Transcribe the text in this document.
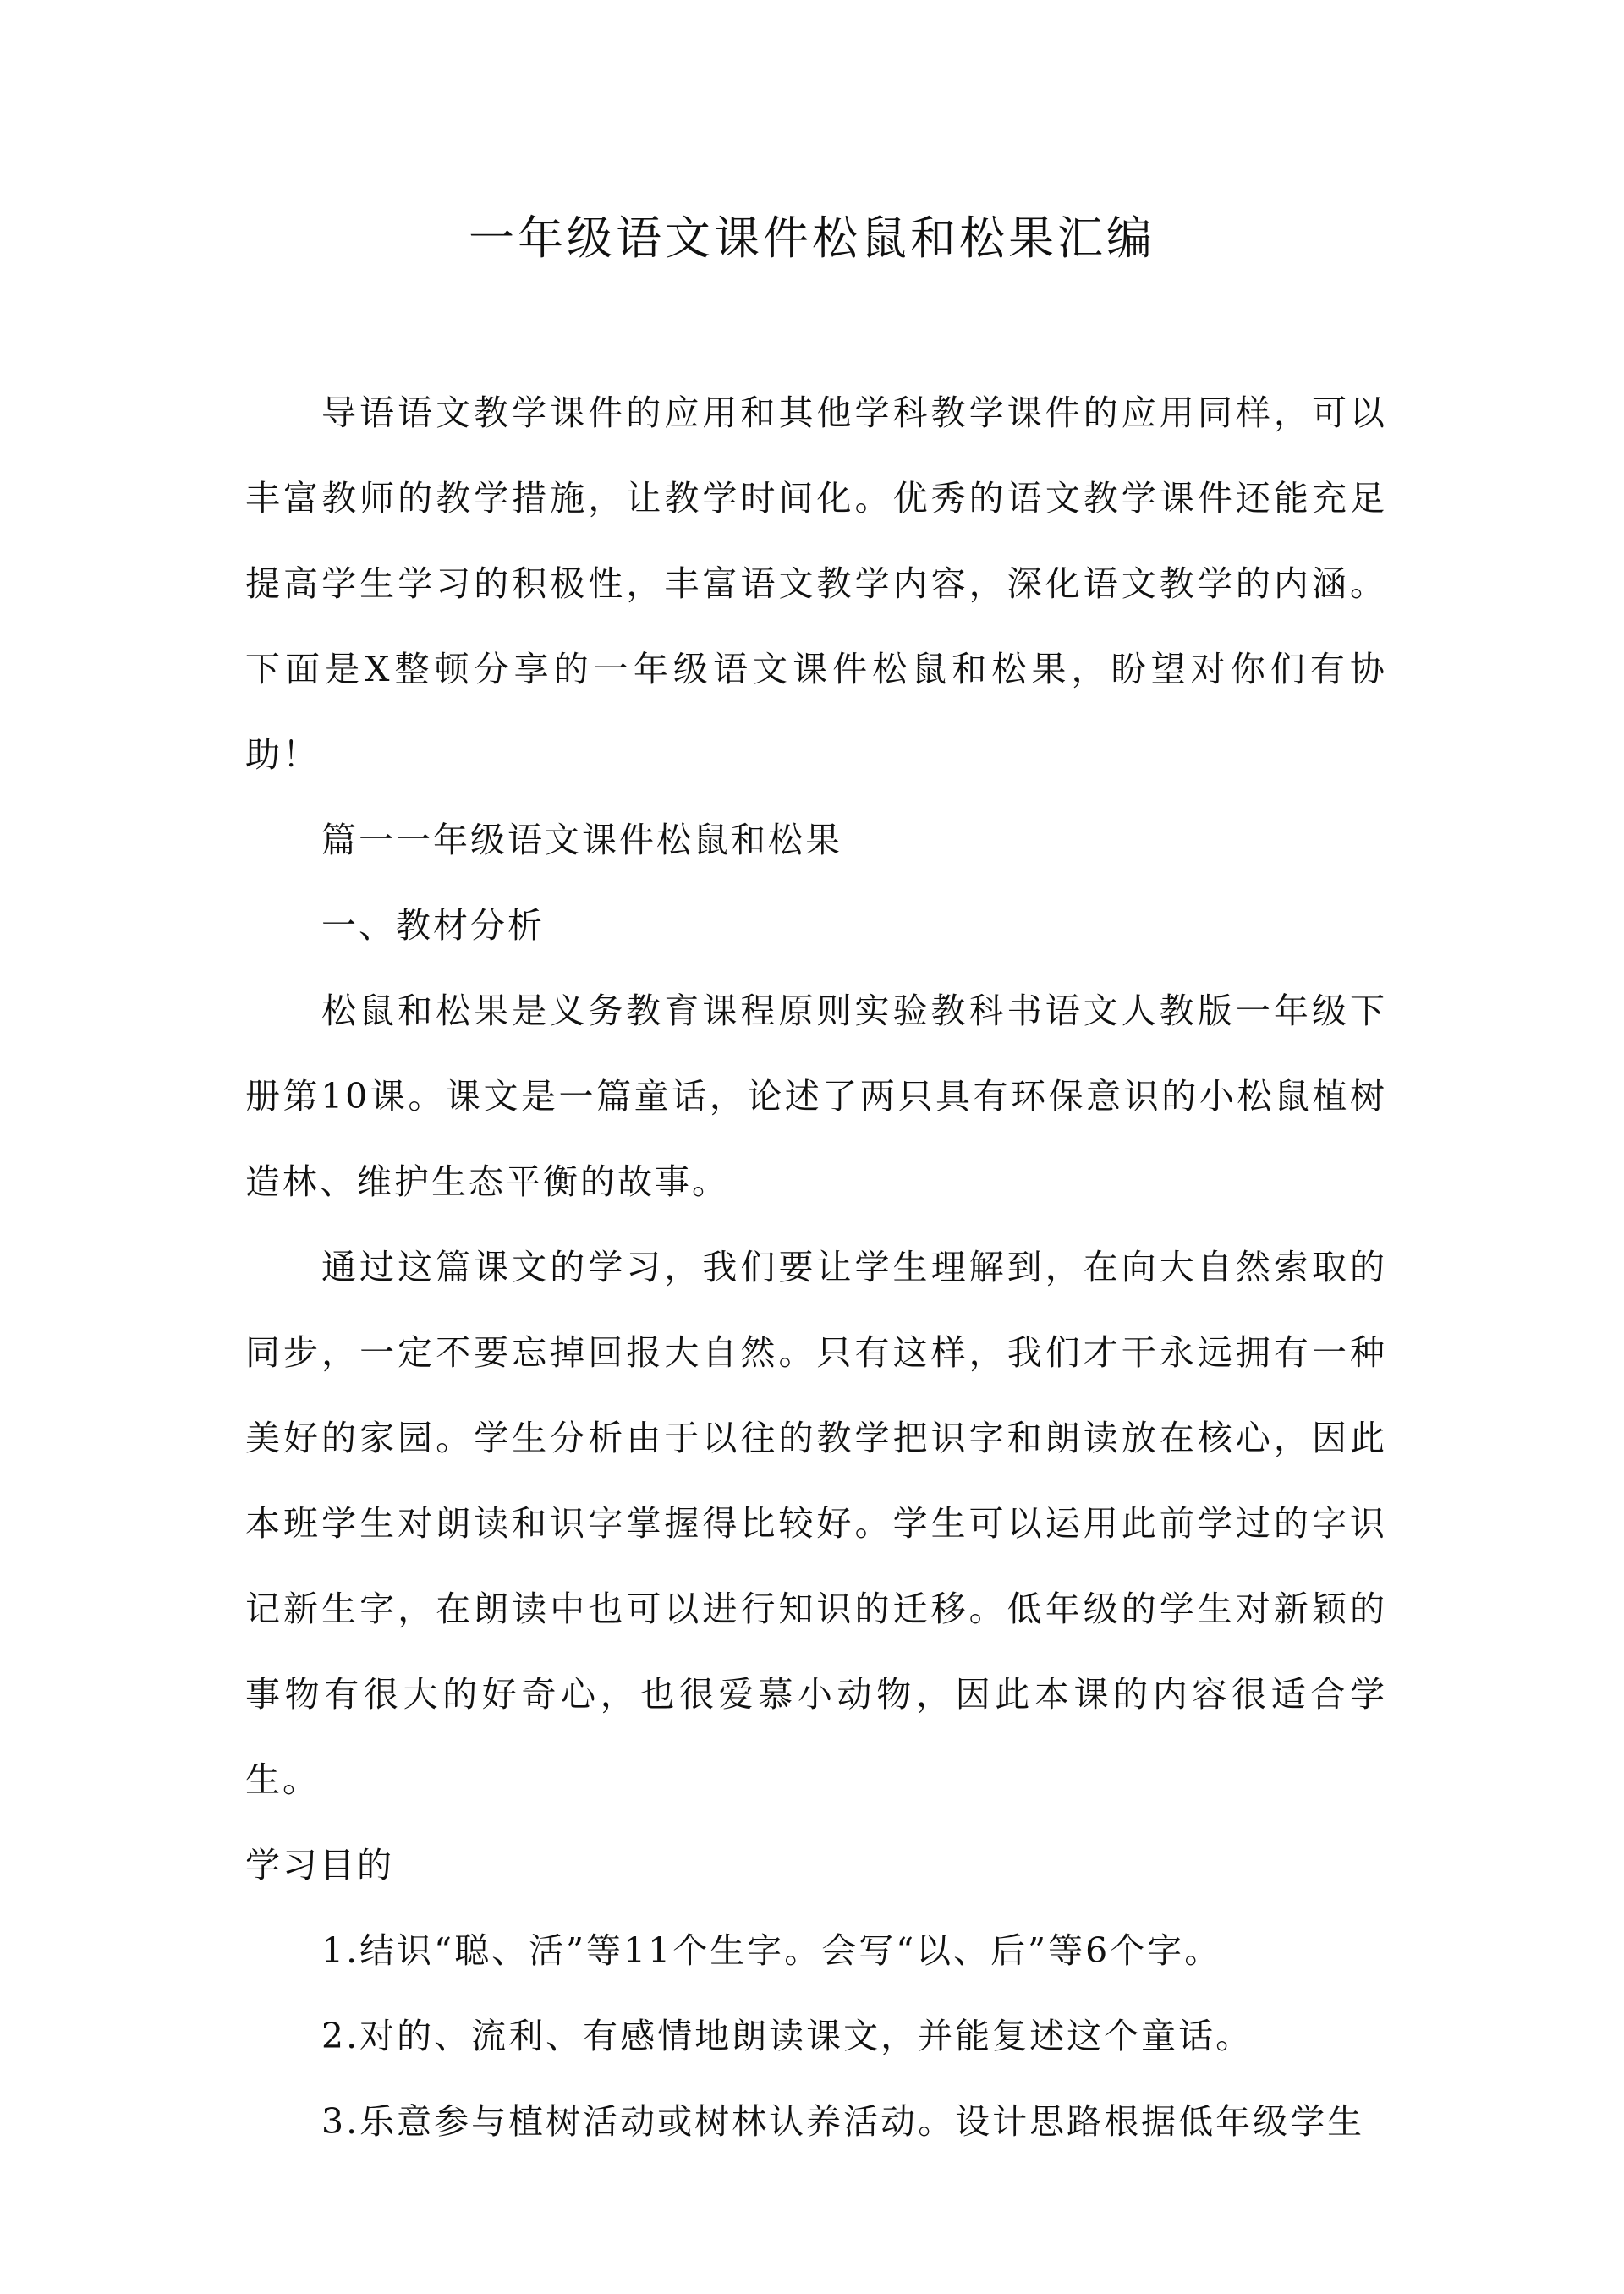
一年级语文课件松鼠和松果汇编

导语语文教学课件的应用和其他学科教学课件的应用同样，可以丰富教师的教学措施，让教学时间化。优秀的语文教学课件还能充足提高学生学习的积极性，丰富语文教学内容，深化语文教学的内涵。下面是X整顿分享的一年级语文课件松鼠和松果，盼望对你们有协助！

篇一一年级语文课件松鼠和松果

一、教材分析

松鼠和松果是义务教育课程原则实验教科书语文人教版一年级下册第10课。课文是一篇童话，论述了两只具有环保意识的小松鼠植树造林、维护生态平衡的故事。

通过这篇课文的学习，我们要让学生理解到，在向大自然索取的同步，一定不要忘掉回报大自然。只有这样，我们才干永远拥有一种美好的家园。学生分析由于以往的教学把识字和朗读放在核心，因此本班学生对朗读和识字掌握得比较好。学生可以运用此前学过的字识记新生字，在朗读中也可以进行知识的迁移。低年级的学生对新颖的事物有很大的好奇心，也很爱慕小动物，因此本课的内容很适合学生。

学习目的

1.结识“聪、活”等11个生字。会写“以、后”等6个字。

2.对的、流利、有感情地朗读课文，并能复述这个童话。

3.乐意参与植树活动或树林认养活动。设计思路根据低年级学生
